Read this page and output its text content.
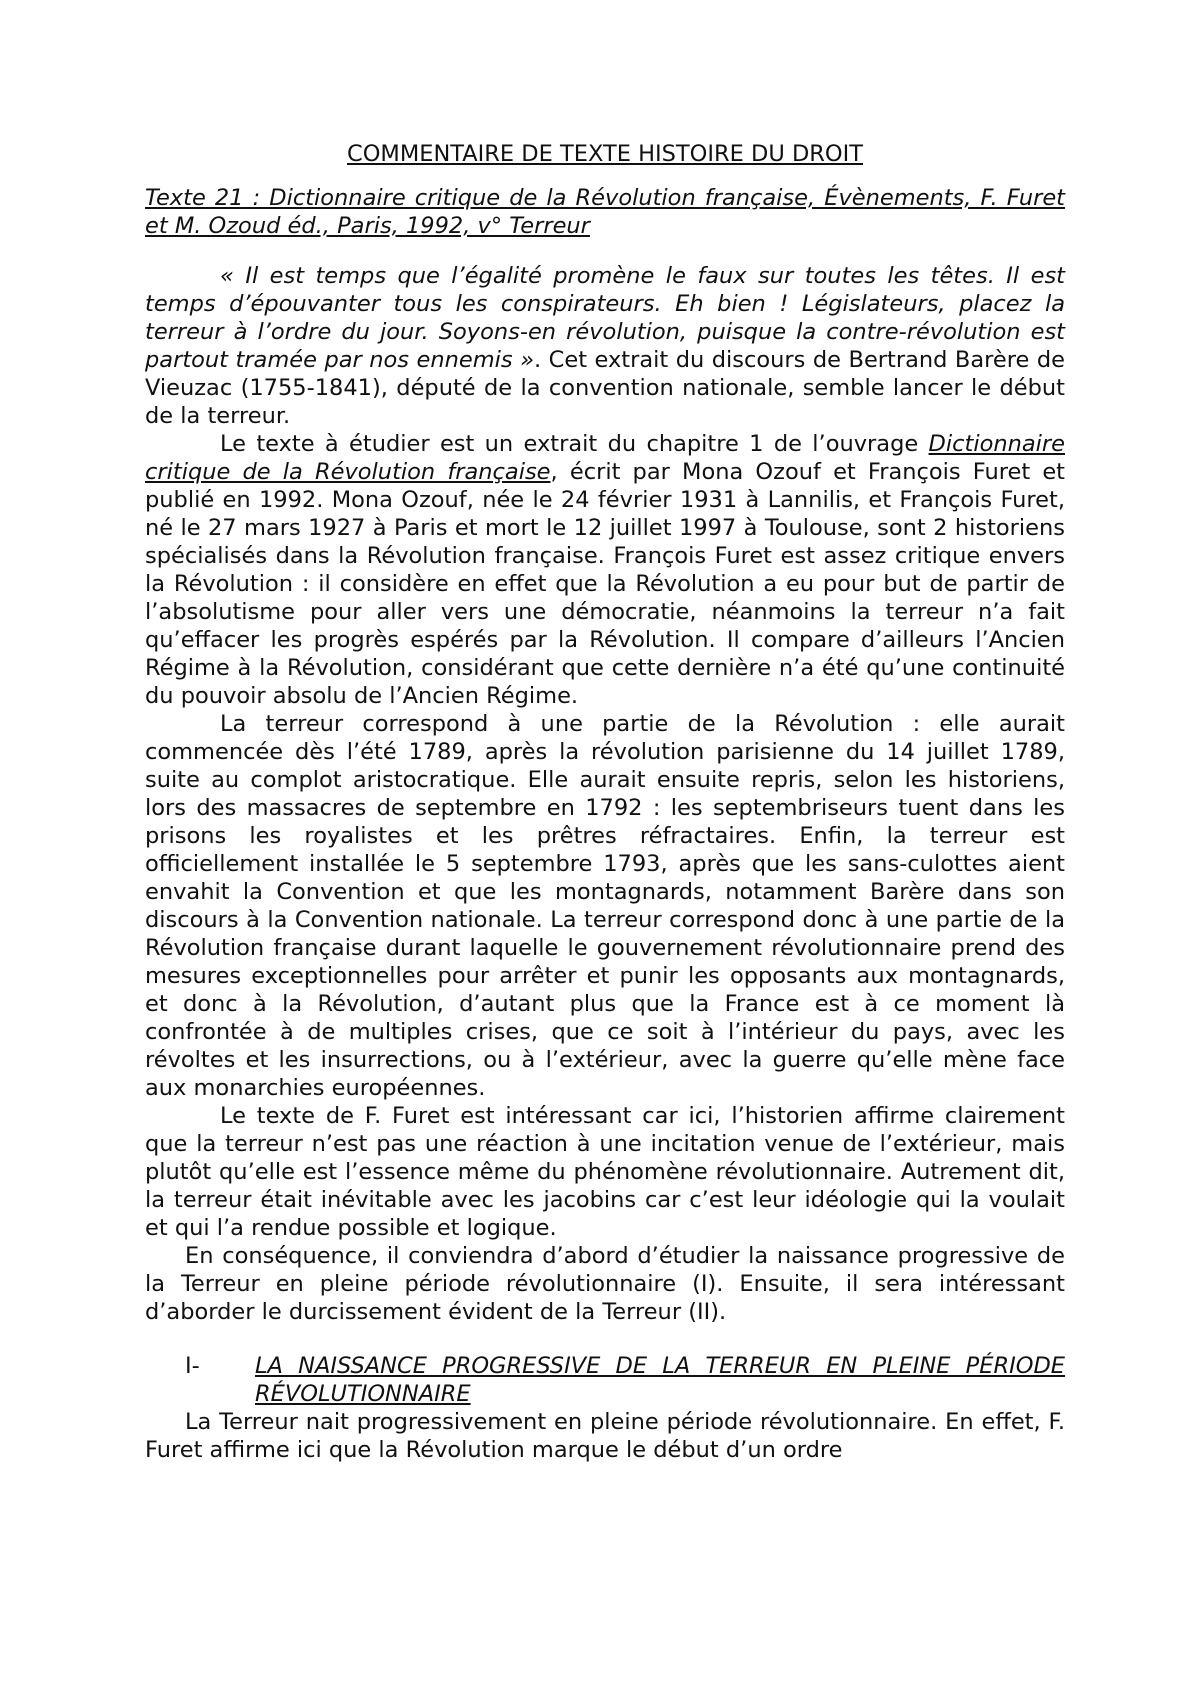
COMMENTAIRE DE TEXTE HISTOIRE DU DROIT

Texte 21 : Dictionnaire critique de la Révolution française, Évènements, F. Furet et M. Ozoud éd., Paris, 1992, v° Terreur

« Il est temps que l’égalité promène le faux sur toutes les têtes. Il est temps d’épouvanter tous les conspirateurs. Eh bien ! Législateurs, placez la terreur à l’ordre du jour. Soyons-en révolution, puisque la contre-révolution est partout tramée par nos ennemis ». Cet extrait du discours de Bertrand Barère de Vieuzac (1755-1841), député de la convention nationale, semble lancer le début de la terreur.

Le texte à étudier est un extrait du chapitre 1 de l’ouvrage Dictionnaire critique de la Révolution française, écrit par Mona Ozouf et François Furet et publié en 1992. Mona Ozouf, née le 24 février 1931 à Lannilis, et François Furet, né le 27 mars 1927 à Paris et mort le 12 juillet 1997 à Toulouse, sont 2 historiens spécialisés dans la Révolution française. François Furet est assez critique envers la Révolution : il considère en effet que la Révolution a eu pour but de partir de l’absolutisme pour aller vers une démocratie, néanmoins la terreur n’a fait qu’effacer les progrès espérés par la Révolution. Il compare d’ailleurs l’Ancien Régime à la Révolution, considérant que cette dernière n’a été qu’une continuité du pouvoir absolu de l’Ancien Régime.

La terreur correspond à une partie de la Révolution : elle aurait commencée dès l’été 1789, après la révolution parisienne du 14 juillet 1789, suite au complot aristocratique. Elle aurait ensuite repris, selon les historiens, lors des massacres de septembre en 1792 : les septembriseurs tuent dans les prisons les royalistes et les prêtres réfractaires. Enfin, la terreur est officiellement installée le 5 septembre 1793, après que les sans-culottes aient envahit la Convention et que les montagnards, notamment Barère dans son discours à la Convention nationale. La terreur correspond donc à une partie de la Révolution française durant laquelle le gouvernement révolutionnaire prend des mesures exceptionnelles pour arrêter et punir les opposants aux montagnards, et donc à la Révolution, d’autant plus que la France est à ce moment là confrontée à de multiples crises, que ce soit à l’intérieur du pays, avec les révoltes et les insurrections, ou à l’extérieur, avec la guerre qu’elle mène face aux monarchies européennes.

Le texte de F. Furet est intéressant car ici, l’historien affirme clairement que la terreur n’est pas une réaction à une incitation venue de l’extérieur, mais plutôt qu’elle est l’essence même du phénomène révolutionnaire. Autrement dit, la terreur était inévitable avec les jacobins car c’est leur idéologie qui la voulait et qui l’a rendue possible et logique.

En conséquence, il conviendra d’abord d’étudier la naissance progressive de la Terreur en pleine période révolutionnaire (I). Ensuite, il sera intéressant d’aborder le durcissement évident de la Terreur (II).

I-	LA NAISSANCE PROGRESSIVE DE LA TERREUR EN PLEINE PÉRIODE RÉVOLUTIONNAIRE

La Terreur nait progressivement en pleine période révolutionnaire. En effet, F. Furet affirme ici que la Révolution marque le début d’un ordre
